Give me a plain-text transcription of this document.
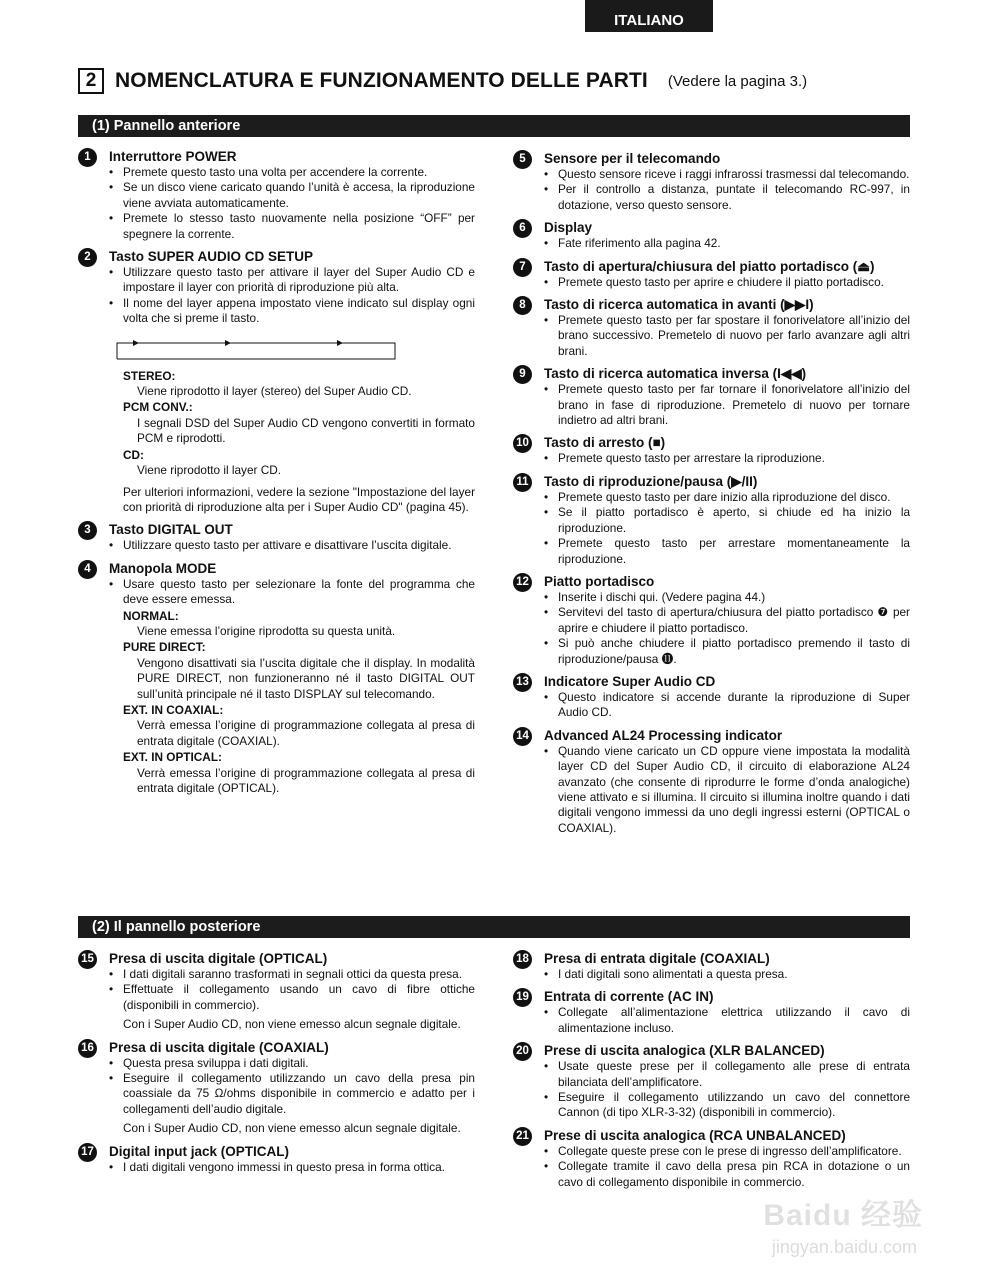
ITALIANO
2 NOMENCLATURA E FUNZIONAMENTO DELLE PARTI (Vedere la pagina 3.)
(1) Pannello anteriore
1	Interruttore POWER
• Premete questo tasto una volta per accendere la corrente.
• Se un disco viene caricato quando l’unità è accesa, la riproduzione viene avviata automaticamente.
• Premete lo stesso tasto nuovamente nella posizione “OFF” per spegnere la corrente.
2	Tasto SUPER AUDIO CD SETUP
• Utilizzare questo tasto per attivare il layer del Super Audio CD e impostare il layer con priorità di riproduzione più alta.
• Il nome del layer appena impostato viene indicato sul display ogni volta che si preme il tasto.
STEREO:
Viene riprodotto il layer (stereo) del Super Audio CD.
PCM CONV.:
I segnali DSD del Super Audio CD vengono convertiti in formato PCM e riprodotti.
CD:
Viene riprodotto il layer CD.
Per ulteriori informazioni, vedere la sezione "Impostazione del layer con priorità di riproduzione alta per i Super Audio CD" (pagina 45).
3	Tasto DIGITAL OUT
• Utilizzare questo tasto per attivare e disattivare l’uscita digitale.
4	Manopola MODE
• Usare questo tasto per selezionare la fonte del programma che deve essere emessa.
NORMAL:
Viene emessa l’origine riprodotta su questa unità.
PURE DIRECT:
Vengono disattivati sia l’uscita digitale che il display. In modalità PURE DIRECT, non funzioneranno né il tasto DIGITAL OUT sull’unità principale né il tasto DISPLAY sul telecomando.
EXT. IN COAXIAL:
Verrà emessa l’origine di programmazione collegata al presa di entrata digitale (COAXIAL).
EXT. IN OPTICAL:
Verrà emessa l’origine di programmazione collegata al presa di entrata digitale (OPTICAL).
5	Sensore per il telecomando
• Questo sensore riceve i raggi infrarossi trasmessi dal telecomando.
• Per il controllo a distanza, puntate il telecomando RC-997, in dotazione, verso questo sensore.
6	Display
• Fate riferimento alla pagina 42.
7	Tasto di apertura/chiusura del piatto portadisco (⏏)
• Premete questo tasto per aprire e chiudere il piatto portadisco.
8	Tasto di ricerca automatica in avanti (▶▶I)
• Premete questo tasto per far spostare il fonorivelatore all’inizio del brano successivo. Premetelo di nuovo per farlo avanzare agli altri brani.
9	Tasto di ricerca automatica inversa (I◀◀)
• Premete questo tasto per far tornare il fonorivelatore all’inizio del brano in fase di riproduzione. Premetelo di nuovo per tornare indietro ad altri brani.
10 Tasto di arresto (■)
• Premete questo tasto per arrestare la riproduzione.
11 Tasto di riproduzione/pausa (▶/II)
• Premete questo tasto per dare inizio alla riproduzione del disco.
• Se il piatto portadisco è aperto, si chiude ed ha inizio la riproduzione.
• Premete questo tasto per arrestare momentaneamente la riproduzione.
12 Piatto portadisco
• Inserite i dischi qui. (Vedere pagina 44.)
• Servitevi del tasto di apertura/chiusura del piatto portadisco ❼ per aprire e chiudere il piatto portadisco.
• Si può anche chiudere il piatto portadisco premendo il tasto di riproduzione/pausa ⓫.
13 Indicatore Super Audio CD
• Questo indicatore si accende durante la riproduzione di Super Audio CD.
14 Advanced AL24 Processing indicator
• Quando viene caricato un CD oppure viene impostata la modalità layer CD del Super Audio CD, il circuito di elaborazione AL24 avanzato (che consente di riprodurre le forme d’onda analogiche) viene attivato e si illumina. Il circuito si illumina inoltre quando i dati digitali vengono immessi da uno degli ingressi esterni (OPTICAL o COAXIAL).
(2) Il pannello posteriore
15 Presa di uscita digitale (OPTICAL)
• I dati digitali saranno trasformati in segnali ottici da questa presa.
• Effettuate il collegamento usando un cavo di fibre ottiche (disponibili in commercio).
Con i Super Audio CD, non viene emesso alcun segnale digitale.
16 Presa di uscita digitale (COAXIAL)
• Questa presa sviluppa i dati digitali.
• Eseguire il collegamento utilizzando un cavo della presa pin coassiale da 75 Ω/ohms disponibile in commercio e adatto per i collegamenti dell’audio digitale.
Con i Super Audio CD, non viene emesso alcun segnale digitale.
17 Digital input jack (OPTICAL)
• I dati digitali vengono immessi in questo presa in forma ottica.
18 Presa di entrata digitale (COAXIAL)
• I dati digitali sono alimentati a questa presa.
19 Entrata di corrente (AC IN)
• Collegate all’alimentazione elettrica utilizzando il cavo di alimentazione incluso.
20 Prese di uscita analogica (XLR BALANCED)
• Usate queste prese per il collegamento alle prese di entrata bilanciata dell’amplificatore.
• Eseguire il collegamento utilizzando un cavo del connettore Cannon (di tipo XLR-3-32) (disponibili in commercio).
21 Prese di uscita analogica (RCA UNBALANCED)
• Collegate queste prese con le prese di ingresso dell’amplificatore.
• Collegate tramite il cavo della presa pin RCA in dotazione o un cavo di collegamento disponibile in commercio.
Baidu 经验
jingyan.baidu.com
